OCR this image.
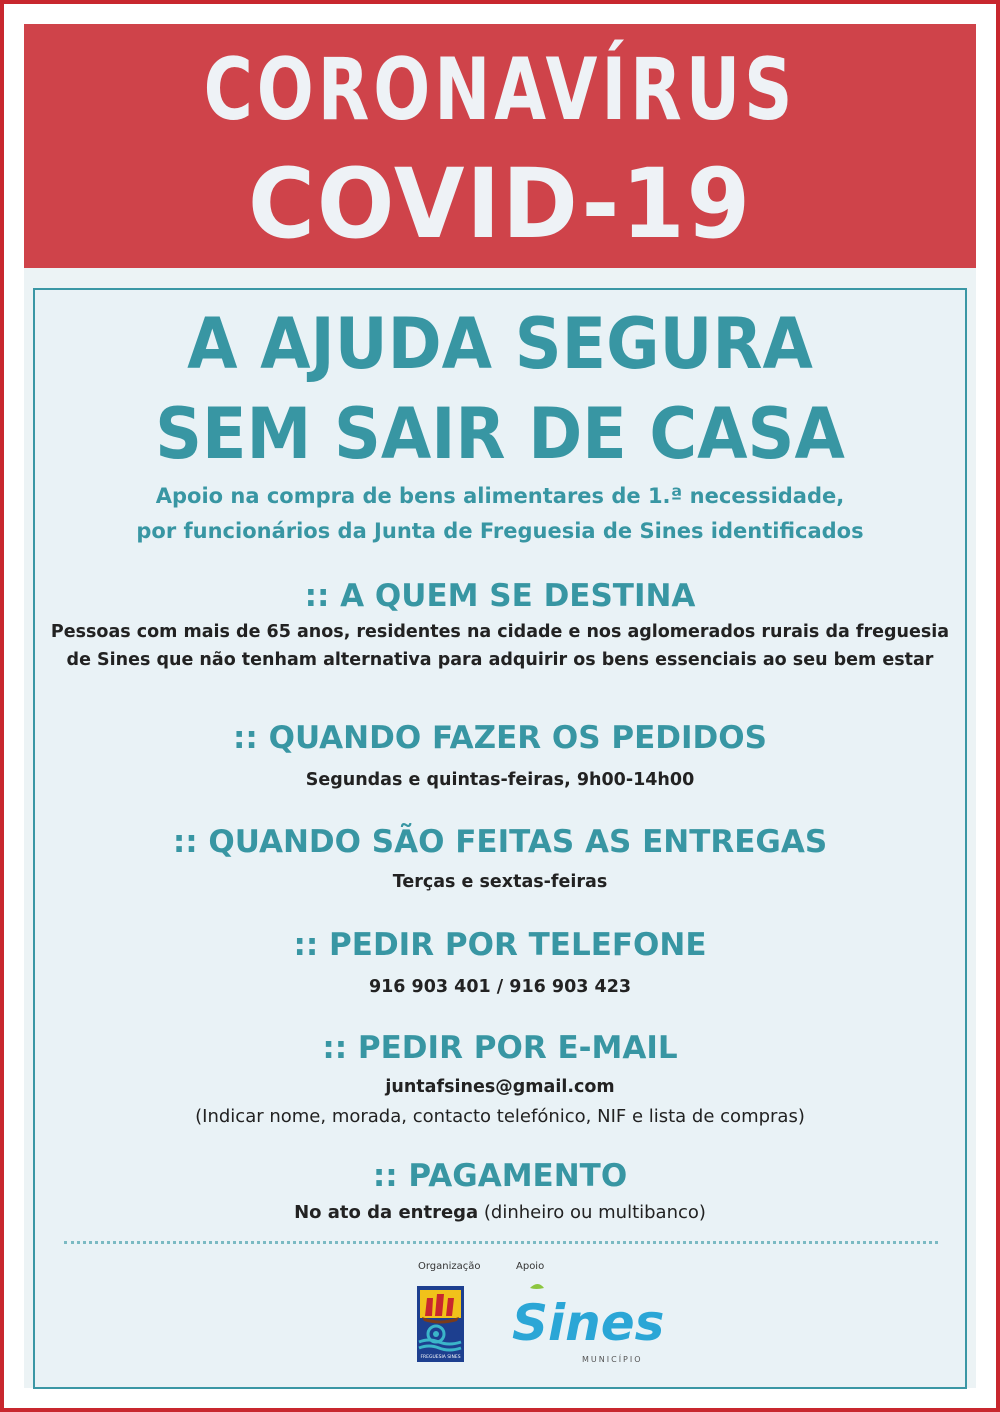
CORONAVÍRUS
COVID-19
A AJUDA SEGURA
SEM SAIR DE CASA
Apoio na compra de bens alimentares de 1.ª necessidade,
por funcionários da Junta de Freguesia de Sines identificados
:: A QUEM SE DESTINA
Pessoas com mais de 65 anos, residentes na cidade e nos aglomerados rurais da freguesia
de Sines que não tenham alternativa para adquirir os bens essenciais ao seu bem estar
:: QUANDO FAZER OS PEDIDOS
Segundas e quintas-feiras, 9h00-14h00
:: QUANDO SÃO FEITAS AS ENTREGAS
Terças e sextas-feiras
:: PEDIR POR TELEFONE
916 903 401 / 916 903 423
:: PEDIR POR E-MAIL
juntafsines@gmail.com
(Indicar nome, morada, contacto telefónico, NIF e lista de compras)
:: PAGAMENTO
No ato da entrega (dinheiro ou multibanco)
Organização	Apoio
FREGUESIA SINES
Sines
MUNICÍPIO
